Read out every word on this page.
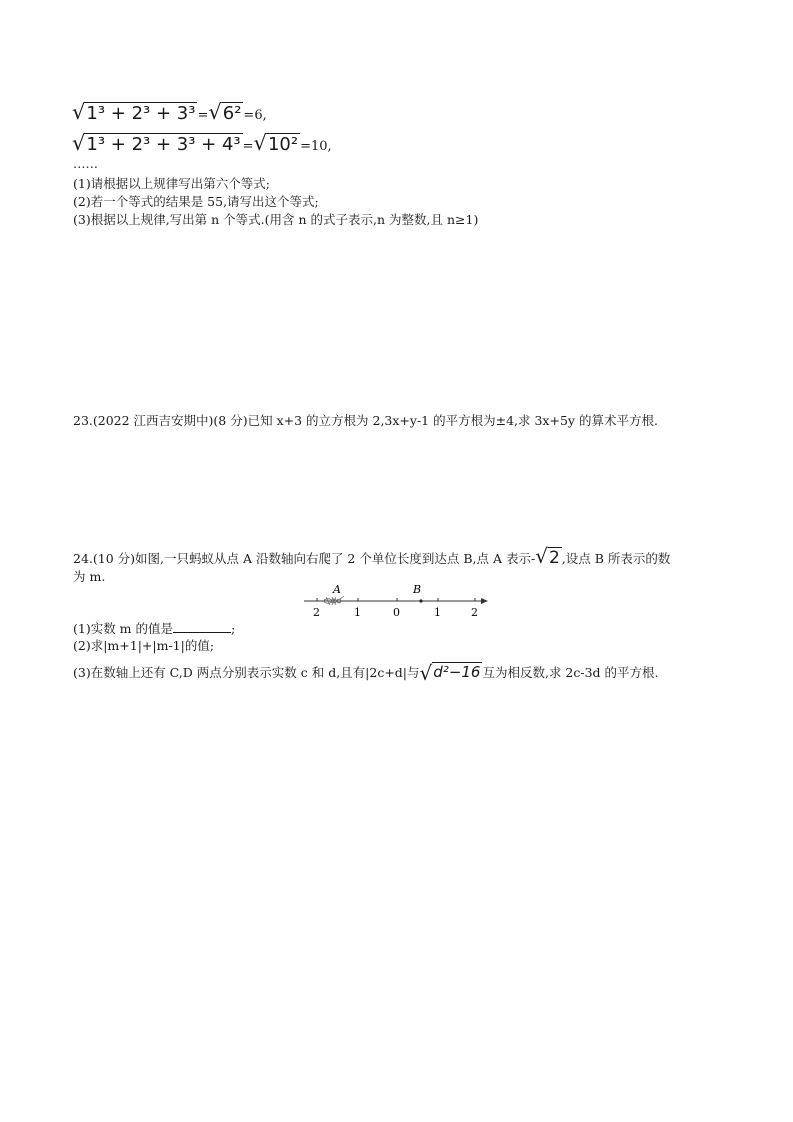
√1³ + 2³ + 3³ =√6² =6,
√1³ + 2³ + 3³ + 4³ =√10² =10,
……
(1)请根据以上规律写出第六个等式;
(2)若一个等式的结果是 55,请写出这个等式;
(3)根据以上规律,写出第 n 个等式.(用含 n 的式子表示,n 为整数,且 n≥1)
23.(2022 江西吉安期中)(8 分)已知 x+3 的立方根为 2,3x+y-1 的平方根为±4,求 3x+5y 的算术平方根.
24.(10 分)如图,一只蚂蚁从点 A 沿数轴向右爬了 2 个单位长度到达点 B,点 A 表示-√2 ,设点 B 所表示的数
为 m.
A	B
2	1	0	1	2
(1)实数 m 的值是	;
(2)求|m+1|+|m-1|的值;
(3)在数轴上还有 C,D 两点分别表示实数 c 和 d,且有|2c+d|与√d²−16 互为相反数,求 2c-3d 的平方根.
